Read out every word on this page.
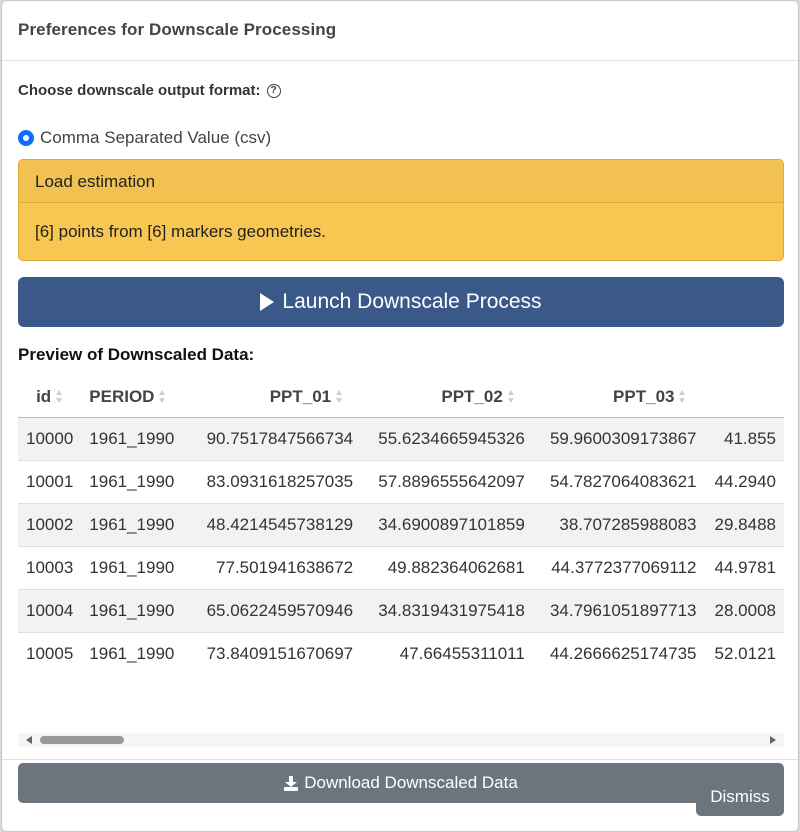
Preferences for Downscale Processing
Choose downscale output format: ?
Comma Separated Value (csv)
Load estimation
[6] points from [6] markers geometries.
Launch Downscale Process
Preview of Downscaled Data:
id	PERIOD	PPT_01	PPT_02	PPT_03	
10000	1961_1990	90.7517847566734	55.6234665945326	59.9600309173867	41.855
10001	1961_1990	83.0931618257035	57.8896555642097	54.7827064083621	44.2940
10002	1961_1990	48.4214545738129	34.6900897101859	38.707285988083	29.8488
10003	1961_1990	77.501941638672	49.882364062681	44.3772377069112	44.9781
10004	1961_1990	65.0622459570946	34.8319431975418	34.7961051897713	28.0008
10005	1961_1990	73.8409151670697	47.66455311011	44.2666625174735	52.0121
Download Downscaled Data
Dismiss
